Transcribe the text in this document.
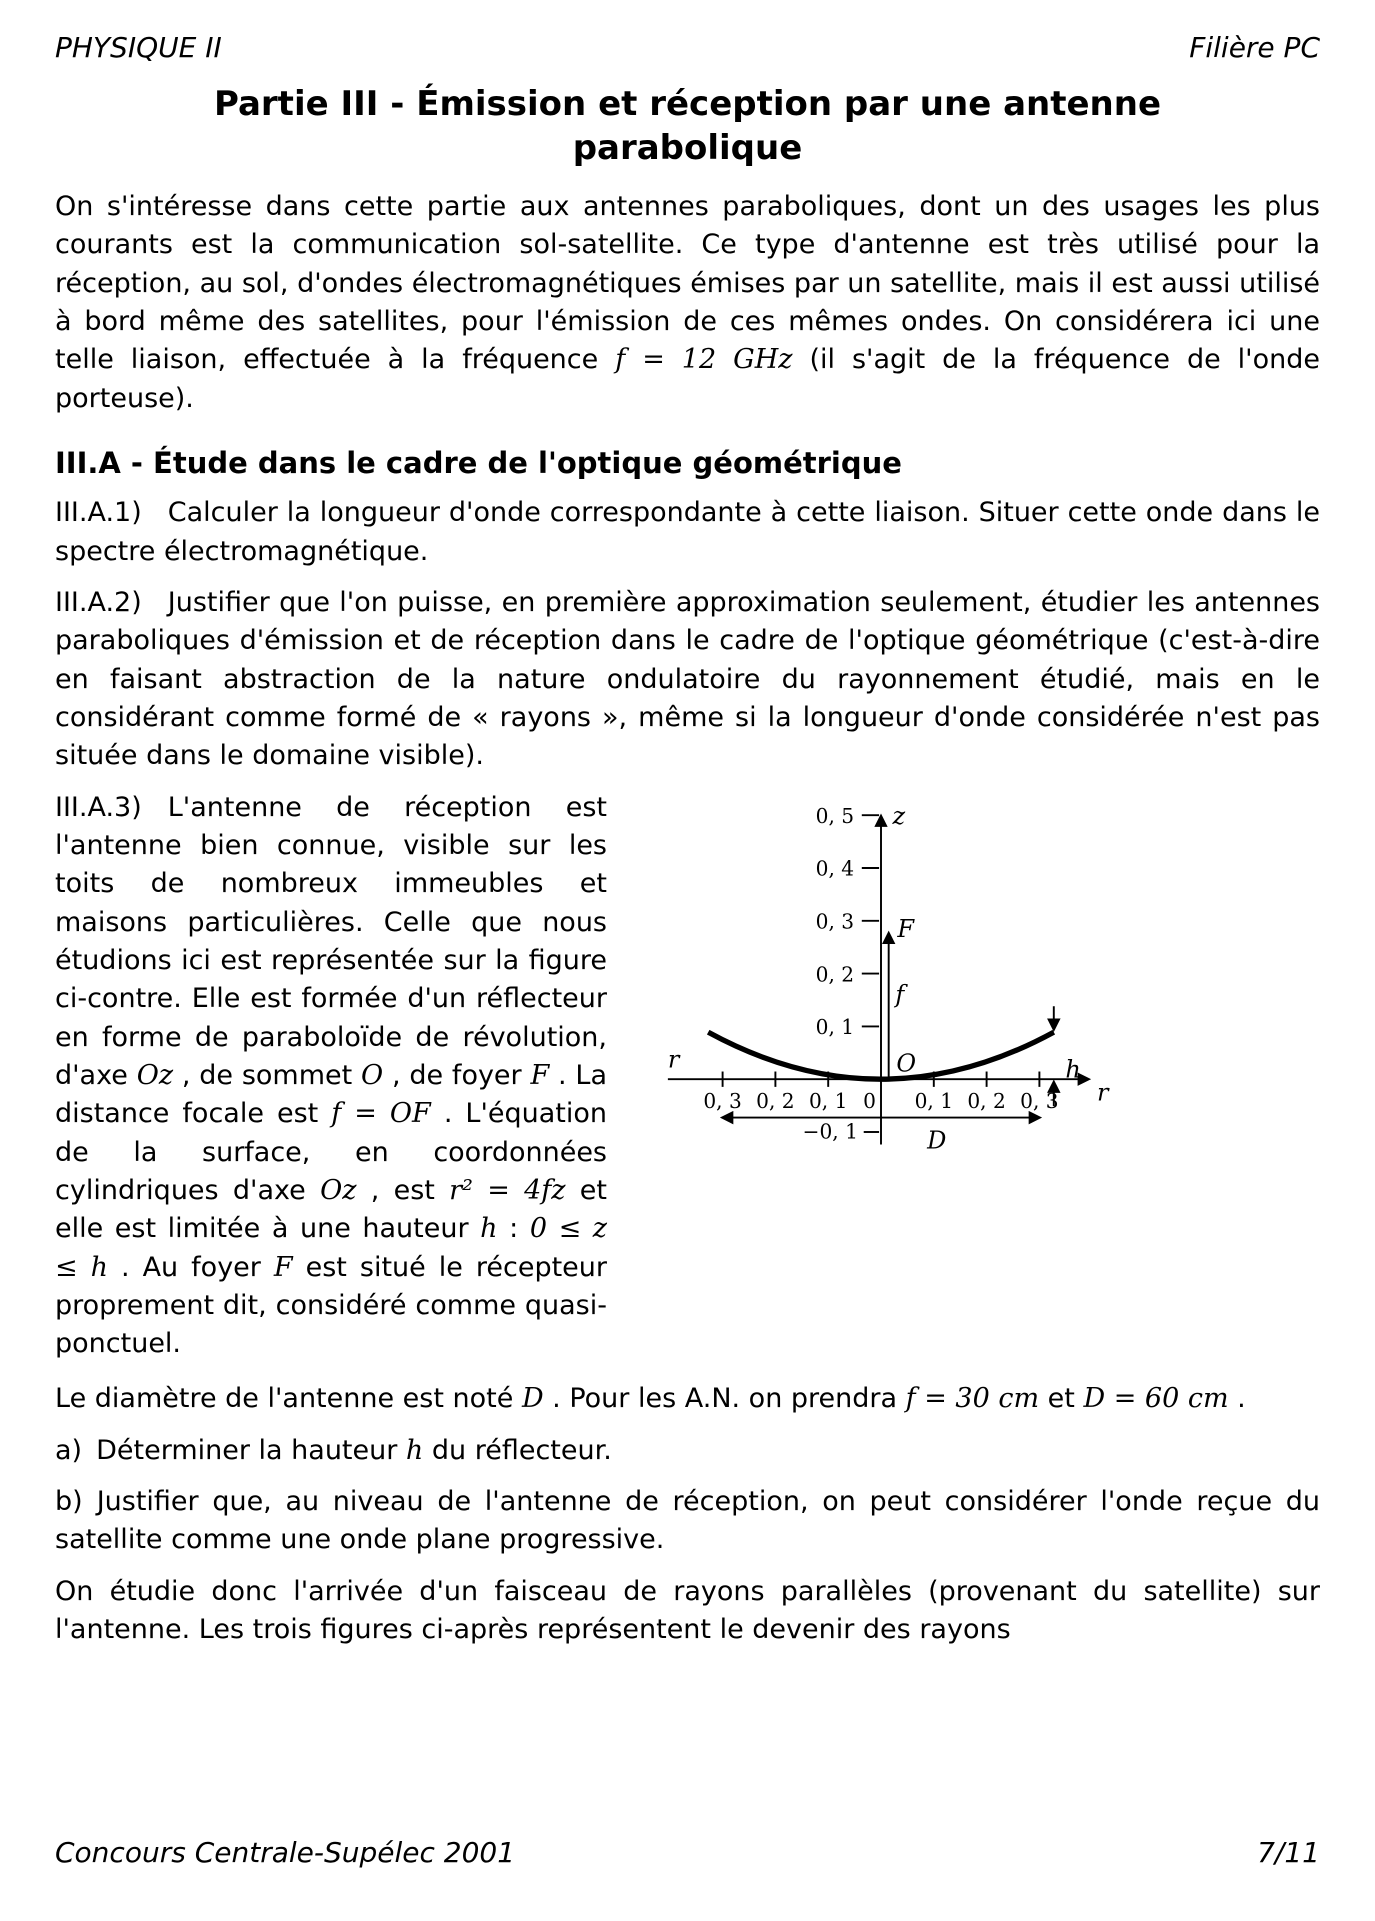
PHYSIQUE II	Filière PC
Partie III - Émission et réception par une antenne
parabolique

On s'intéresse dans cette partie aux antennes paraboliques, dont un des usages les plus courants est la communication sol-satellite. Ce type d'antenne est très utilisé pour la réception, au sol, d'ondes électromagnétiques émises par un satellite, mais il est aussi utilisé à bord même des satellites, pour l'émission de ces mêmes ondes. On considérera ici une telle liaison, effectuée à la fréquence f = 12 GHz (il s'agit de la fréquence de l'onde porteuse).

III.A - Étude dans le cadre de l'optique géométrique

III.A.1) Calculer la longueur d'onde correspondante à cette liaison. Situer cette onde dans le spectre électromagnétique.

III.A.2) Justifier que l'on puisse, en première approximation seulement, étudier les antennes paraboliques d'émission et de réception dans le cadre de l'optique géométrique (c'est-à-dire en faisant abstraction de la nature ondulatoire du rayonnement étudié, mais en le considérant comme formé de « rayons », même si la longueur d'onde considérée n'est pas située dans le domaine visible).

III.A.3) L'antenne de réception est l'antenne bien connue, visible sur les toits de nombreux immeubles et maisons particulières. Celle que nous étudions ici est représentée sur la figure ci-contre. Elle est formée d'un réflecteur en forme de paraboloïde de révolution, d'axe Oz , de sommet O , de foyer F . La distance focale est f = OF . L'équation de la surface, en coordonnées cylindriques d'axe Oz , est r² = 4fz et elle est limitée à une hauteur h : 0 ≤ z ≤ h . Au foyer F est situé le récepteur proprement dit, considéré comme quasi-ponctuel.

z
0, 5
0, 4
0, 3
0, 2
0, 1
−0, 1
r
r
0, 3 0, 2 0, 1 0 0, 1 0, 2 0, 3
F
f
O	h
D

Le diamètre de l'antenne est noté D . Pour les A.N. on prendra f = 30 cm et D = 60 cm .

a) Déterminer la hauteur h du réflecteur.

b) Justifier que, au niveau de l'antenne de réception, on peut considérer l'onde reçue du satellite comme une onde plane progressive.

On étudie donc l'arrivée d'un faisceau de rayons parallèles (provenant du satellite) sur l'antenne. Les trois figures ci-après représentent le devenir des rayons

Concours Centrale-Supélec 2001	7/11
